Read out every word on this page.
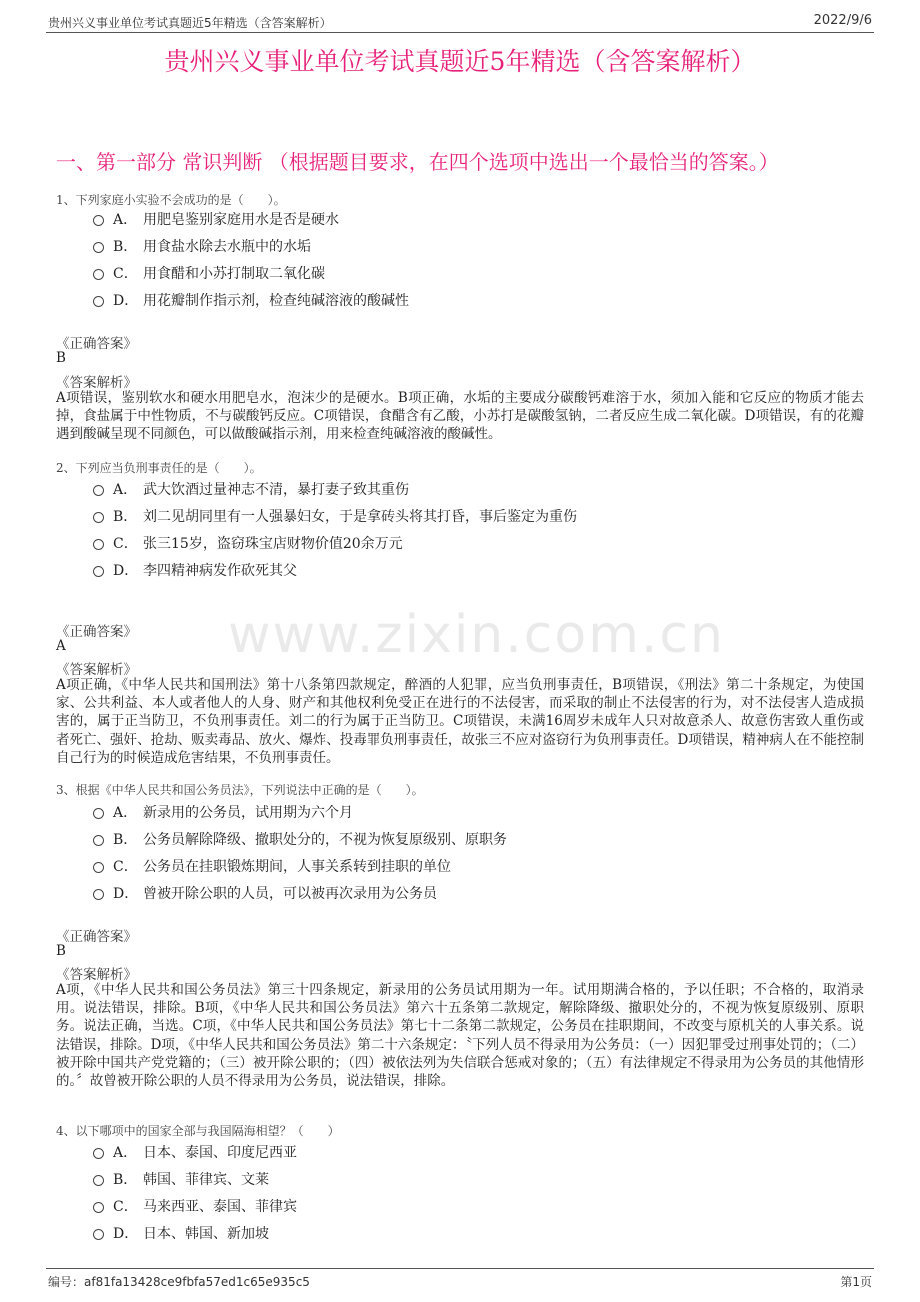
贵州兴义事业单位考试真题近5年精选（含答案解析）	2022/9/6
贵州兴义事业单位考试真题近5年精选（含答案解析）
一、第一部分 常识判断 （根据题目要求，在四个选项中选出一个最恰当的答案。）
www.zixin.com.cn
1、下列家庭小实验不会成功的是（　　）。
A． 用肥皂鉴别家庭用水是否是硬水
B． 用食盐水除去水瓶中的水垢
C． 用食醋和小苏打制取二氧化碳
D． 用花瓣制作指示剂，检查纯碱溶液的酸碱性
《正确答案》
B
《答案解析》

A项错误，鉴别软水和硬水用肥皂水，泡沫少的是硬水。B项正确，水垢的主要成分碳酸钙难溶于水，须加入能和它反应的物质才能去掉，食盐属于中性物质，不与碳酸钙反应。C项错误，食醋含有乙酸，小苏打是碳酸氢钠，二者反应生成二氧化碳。D项错误，有的花瓣遇到酸碱呈现不同颜色，可以做酸碱指示剂，用来检查纯碱溶液的酸碱性。

2、下列应当负刑事责任的是（　　）。
A． 武大饮酒过量神志不清，暴打妻子致其重伤
B． 刘二见胡同里有一人强暴妇女，于是拿砖头将其打昏，事后鉴定为重伤
C． 张三15岁，盗窃珠宝店财物价值20余万元
D． 李四精神病发作砍死其父
《正确答案》
A
《答案解析》

A项正确，《中华人民共和国刑法》第十八条第四款规定，醉酒的人犯罪，应当负刑事责任，B项错误，《刑法》第二十条规定，为使国家、公共利益、本人或者他人的人身、财产和其他权利免受正在进行的不法侵害，而采取的制止不法侵害的行为，对不法侵害人造成损害的，属于正当防卫，不负刑事责任。刘二的行为属于正当防卫。C项错误，未满16周岁未成年人只对故意杀人、故意伤害致人重伤或者死亡、强奸、抢劫、贩卖毒品、放火、爆炸、投毒罪负刑事责任，故张三不应对盗窃行为负刑事责任。D项错误，精神病人在不能控制自己行为的时候造成危害结果，不负刑事责任。

3、根据《中华人民共和国公务员法》，下列说法中正确的是（　　）。
A． 新录用的公务员，试用期为六个月
B． 公务员解除降级、撤职处分的，不视为恢复原级别、原职务
C． 公务员在挂职锻炼期间，人事关系转到挂职的单位
D． 曾被开除公职的人员，可以被再次录用为公务员
《正确答案》
B
《答案解析》

A项，《中华人民共和国公务员法》第三十四条规定，新录用的公务员试用期为一年。试用期满合格的，予以任职；不合格的，取消录用。说法错误，排除。B项，《中华人民共和国公务员法》第六十五条第二款规定，解除降级、撤职处分的，不视为恢复原级别、原职务。说法正确，当选。C项，《中华人民共和国公务员法》第七十二条第二款规定，公务员在挂职期间，不改变与原机关的人事关系。说法错误，排除。D项，《中华人民共和国公务员法》第二十六条规定：〝下列人员不得录用为公务员：（一）因犯罪受过刑事处罚的；（二）被开除中国共产党党籍的；（三）被开除公职的；（四）被依法列为失信联合惩戒对象的；（五）有法律规定不得录用为公务员的其他情形的。〞故曾被开除公职的人员不得录用为公务员，说法错误，排除。

4、以下哪项中的国家全部与我国隔海相望？（　　）
A． 日本、泰国、印度尼西亚
B． 韩国、菲律宾、文莱
C． 马来西亚、泰国、菲律宾
D． 日本、韩国、新加坡
编号：af81fa13428ce9fbfa57ed1c65e935c5	第1页
